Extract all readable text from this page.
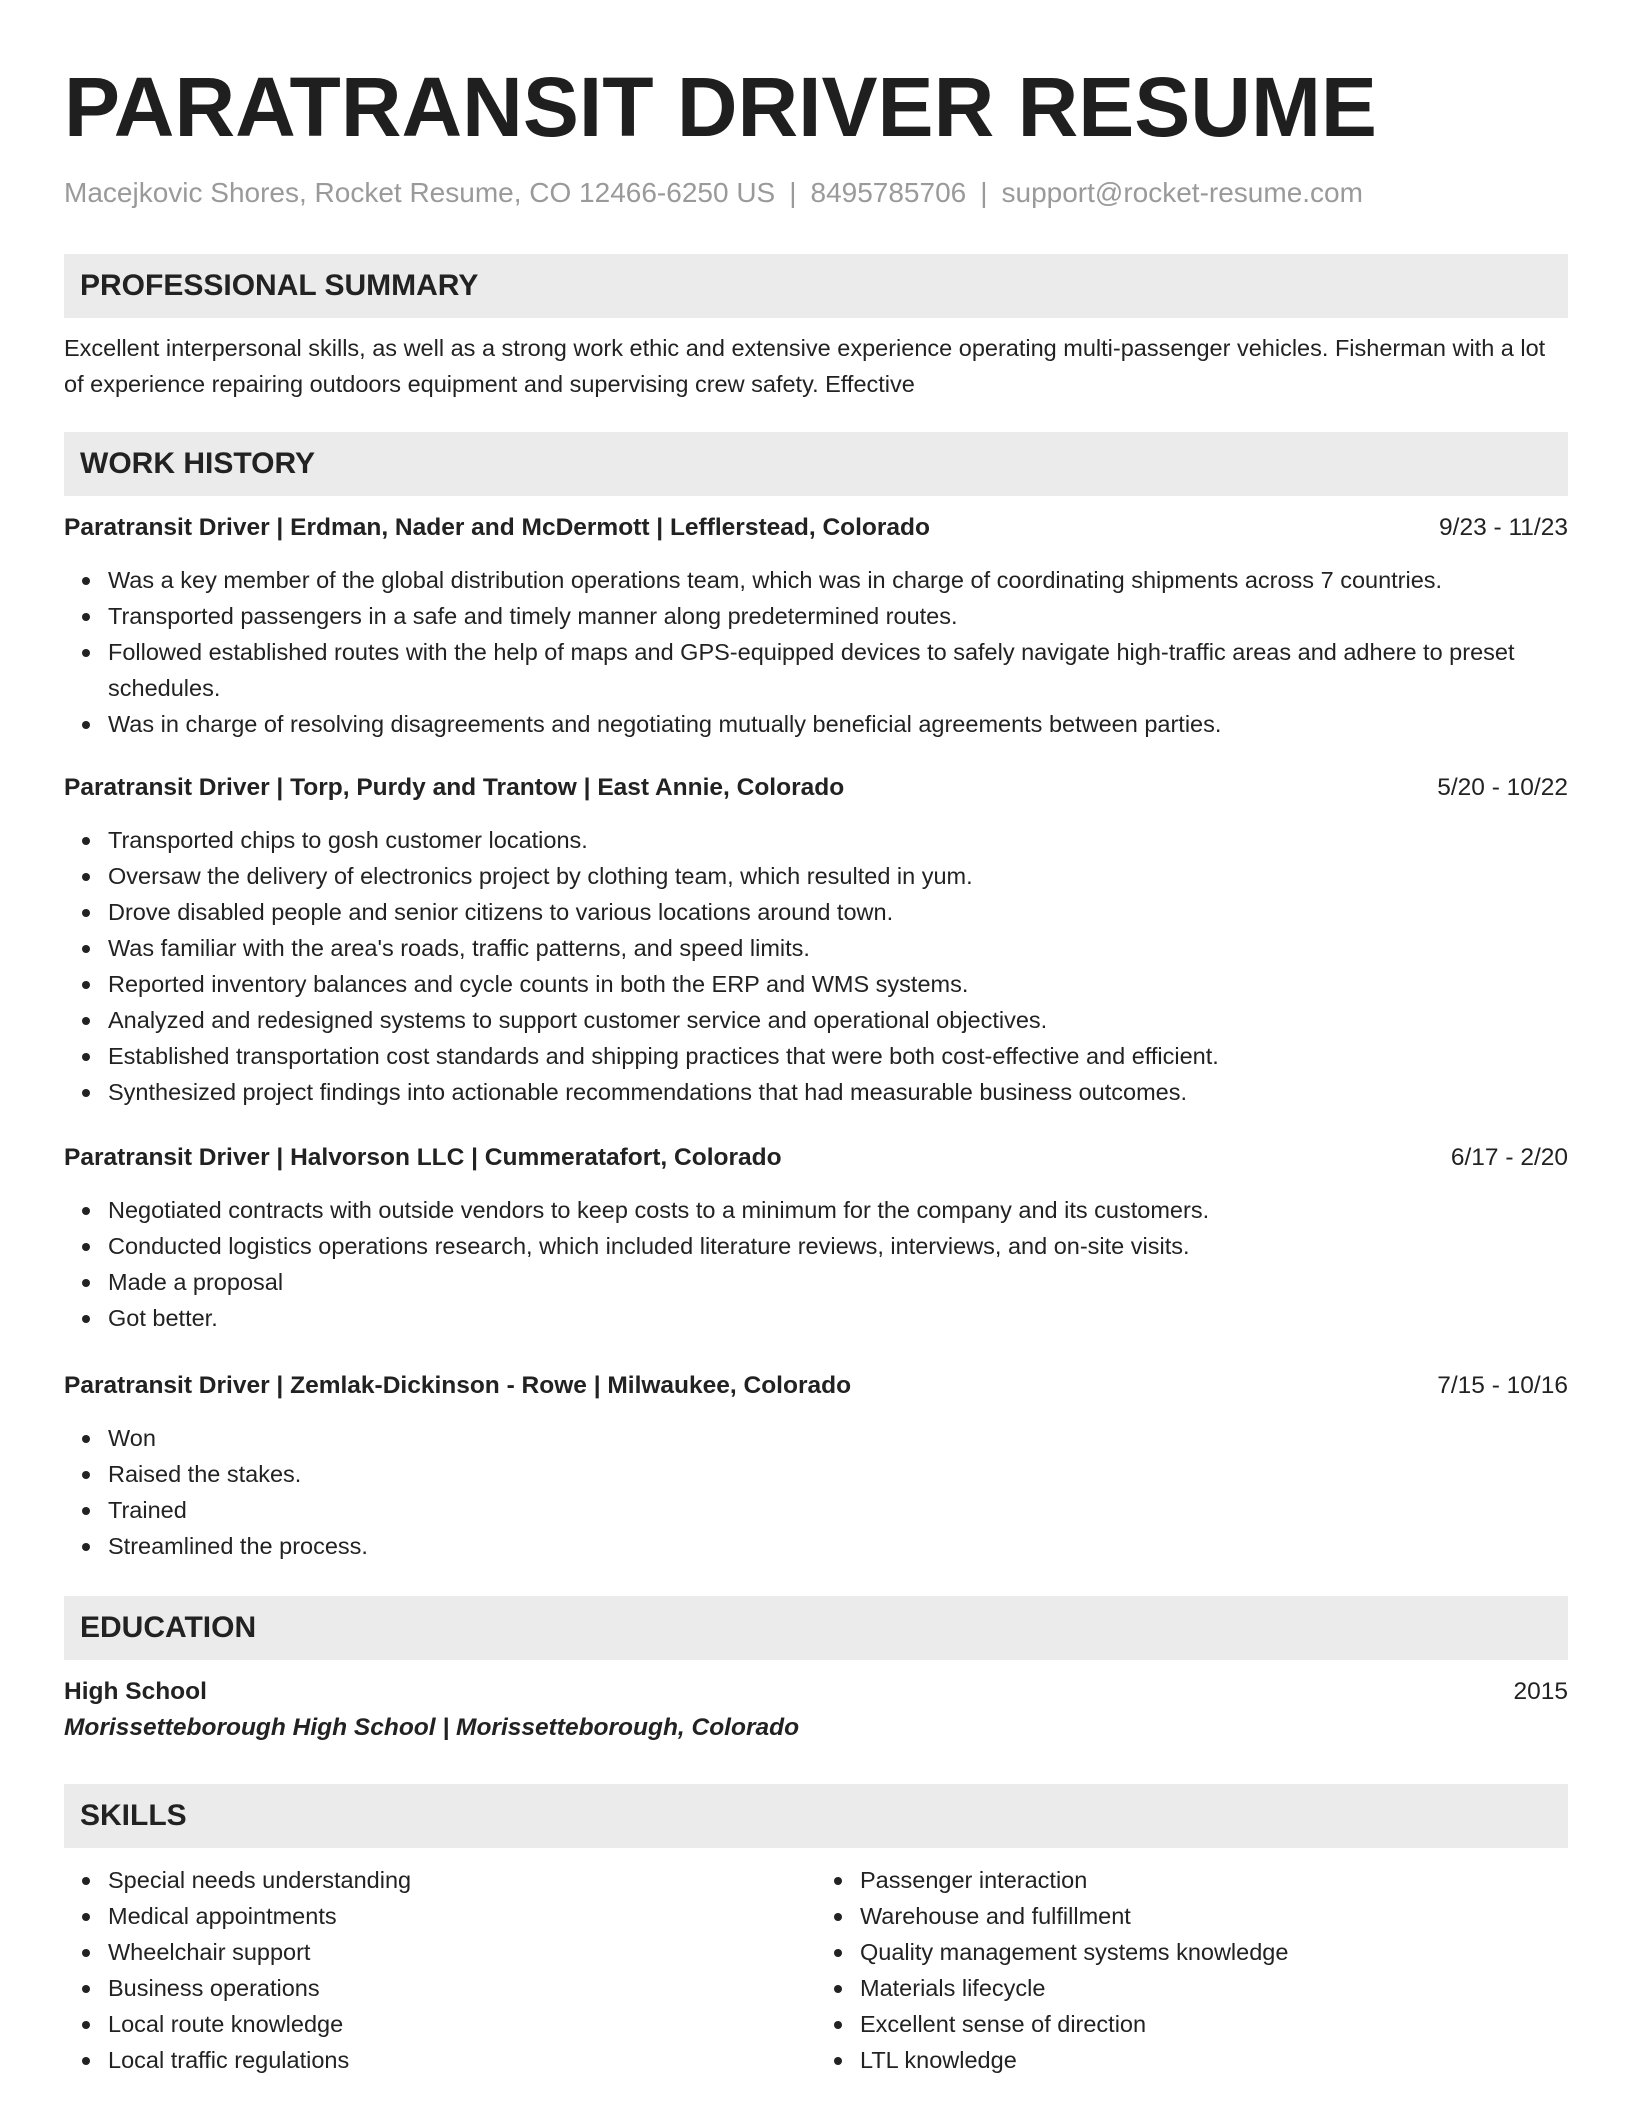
PARATRANSIT DRIVER RESUME
Macejkovic Shores, Rocket Resume, CO 12466-6250 US | 8495785706 | support@rocket-resume.com
PROFESSIONAL SUMMARY

Excellent interpersonal skills, as well as a strong work ethic and extensive experience operating multi-passenger vehicles. Fisherman with a lot of experience repairing outdoors equipment and supervising crew safety. Effective

WORK HISTORY
Paratransit Driver | Erdman, Nader and McDermott | Lefflerstead, Colorado	9/23 - 11/23
Was a key member of the global distribution operations team, which was in charge of coordinating shipments across 7 countries.
Transported passengers in a safe and timely manner along predetermined routes.
Followed established routes with the help of maps and GPS-equipped devices to safely navigate high-traffic areas and adhere to preset schedules.
Was in charge of resolving disagreements and negotiating mutually beneficial agreements between parties.
Paratransit Driver | Torp, Purdy and Trantow | East Annie, Colorado	5/20 - 10/22
Transported chips to gosh customer locations.
Oversaw the delivery of electronics project by clothing team, which resulted in yum.
Drove disabled people and senior citizens to various locations around town.
Was familiar with the area's roads, traffic patterns, and speed limits.
Reported inventory balances and cycle counts in both the ERP and WMS systems.
Analyzed and redesigned systems to support customer service and operational objectives.
Established transportation cost standards and shipping practices that were both cost-effective and efficient.
Synthesized project findings into actionable recommendations that had measurable business outcomes.
Paratransit Driver | Halvorson LLC | Cummeratafort, Colorado	6/17 - 2/20
Negotiated contracts with outside vendors to keep costs to a minimum for the company and its customers.
Conducted logistics operations research, which included literature reviews, interviews, and on-site visits.
Made a proposal
Got better.
Paratransit Driver | Zemlak-Dickinson - Rowe | Milwaukee, Colorado	7/15 - 10/16
Won
Raised the stakes.
Trained
Streamlined the process.
EDUCATION
High School	2015
Morissetteborough High School | Morissetteborough, Colorado
SKILLS
Special needs understanding
Medical appointments
Wheelchair support
Business operations
Local route knowledge
Local traffic regulations
Passenger interaction
Warehouse and fulfillment
Quality management systems knowledge
Materials lifecycle
Excellent sense of direction
LTL knowledge
